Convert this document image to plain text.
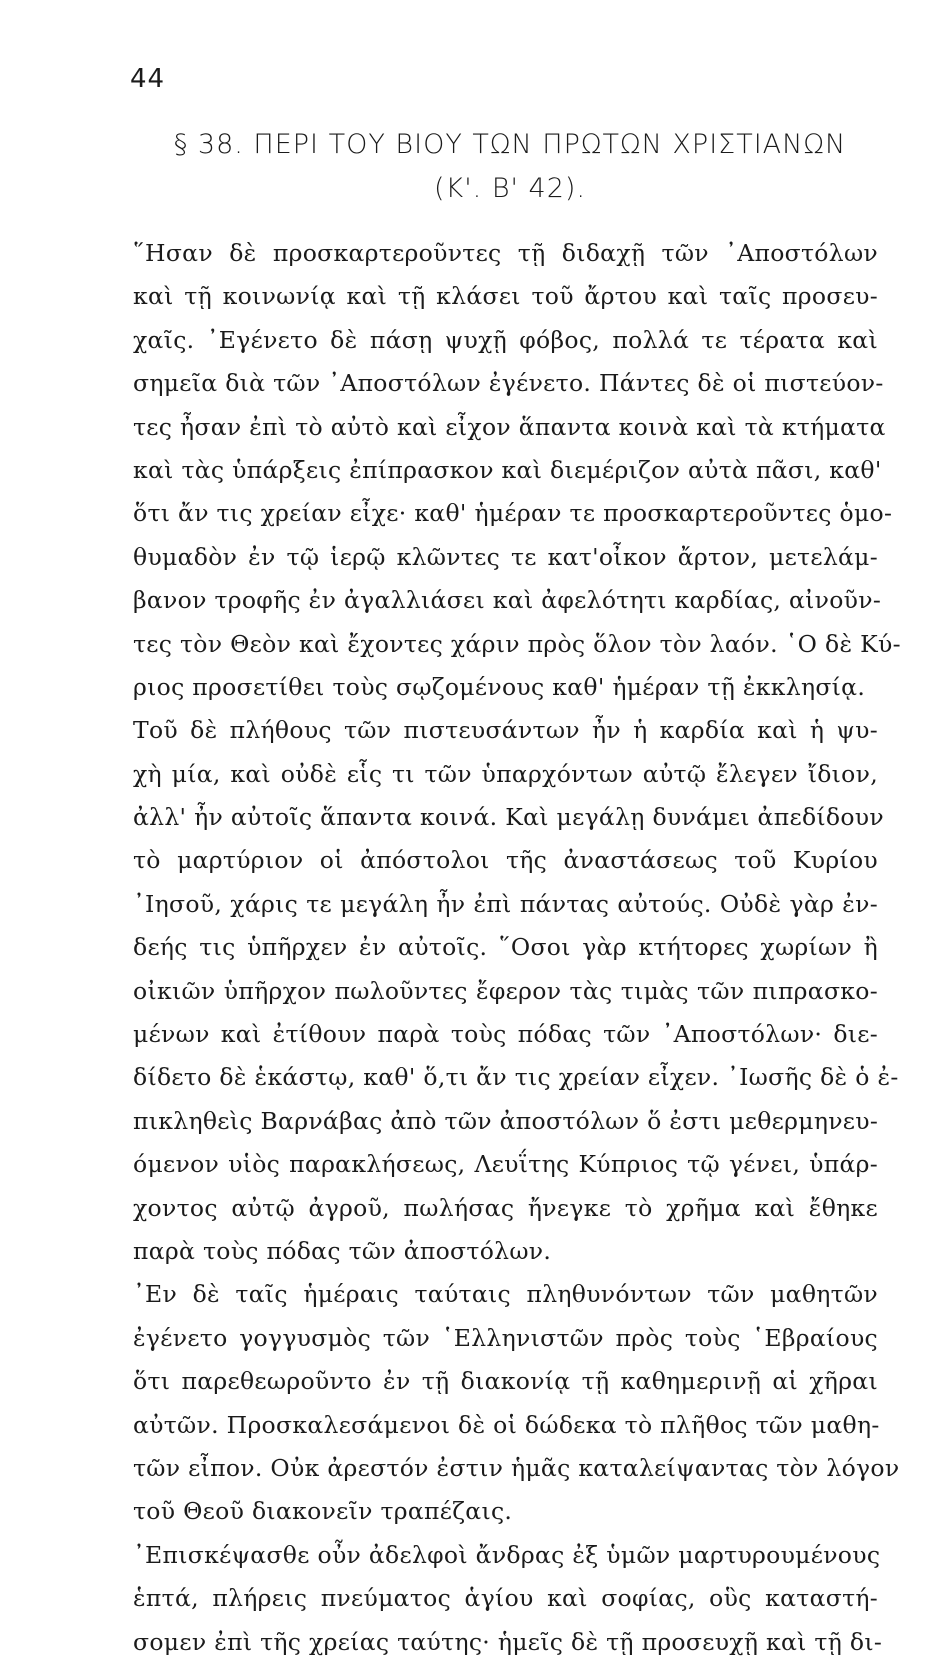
44
§ 38. ΠΕΡΙ ΤΟΥ ΒΙΟΥ ΤΩΝ ΠΡΩΤΩΝ ΧΡΙΣΤΙΑΝΩΝ
(Κ'. Β' 42).
῞Ησαν δὲ προσκαρτεροῦντες τῇ διδαχῇ τῶν ᾿Αποστόλων
καὶ τῇ κοινωνίᾳ καὶ τῇ κλάσει τοῦ ἄρτου καὶ ταῖς προσευ-
χαῖς. ᾿Εγένετο δὲ πάσῃ ψυχῇ φόβος, πολλά τε τέρατα καὶ
σημεῖα διὰ τῶν ᾿Αποστόλων ἐγένετο. Πάντες δὲ οἱ πιστεύον-
τες ἦσαν ἐπὶ τὸ αὐτὸ καὶ εἶχον ἅπαντα κοινὰ καὶ τὰ κτήματα
καὶ τὰς ὑπάρξεις ἐπίπρασκον καὶ διεμέριζον αὐτὰ πᾶσι, καθ'
ὅτι ἄν τις χρείαν εἶχε· καθ' ἡμέραν τε προσκαρτεροῦντες ὁμο-
θυμαδὸν ἐν τῷ ἱερῷ κλῶντες τε κατ'οἶκον ἄρτον, μετελάμ-
βανον τροφῆς ἐν ἀγαλλιάσει καὶ ἀφελότητι καρδίας, αἰνοῦν-
τες τὸν Θεὸν καὶ ἔχοντες χάριν πρὸς ὅλον τὸν λαόν. ῾Ο δὲ Κύ-
ριος προσετίθει τοὺς σῳζομένους καθ' ἡμέραν τῇ ἐκκλησίᾳ.
Τοῦ δὲ πλήθους τῶν πιστευσάντων ἦν ἡ καρδία καὶ ἡ ψυ-
χὴ μία, καὶ οὐδὲ εἷς τι τῶν ὑπαρχόντων αὐτῷ ἔλεγεν ἴδιον,
ἀλλ' ἦν αὐτοῖς ἅπαντα κοινά. Καὶ μεγάλῃ δυνάμει ἀπεδίδουν
τὸ μαρτύριον οἱ ἀπόστολοι τῆς ἀναστάσεως τοῦ Κυρίου
᾿Ιησοῦ, χάρις τε μεγάλη ἦν ἐπὶ πάντας αὐτούς. Οὐδὲ γὰρ ἐν-
δεής τις ὑπῆρχεν ἐν αὐτοῖς. ῞Οσοι γὰρ κτήτορες χωρίων ἢ
οἰκιῶν ὑπῆρχον πωλοῦντες ἔφερον τὰς τιμὰς τῶν πιπρασκο-
μένων καὶ ἐτίθουν παρὰ τοὺς πόδας τῶν ᾿Αποστόλων· διε-
δίδετο δὲ ἑκάστῳ, καθ' ὅ,τι ἄν τις χρείαν εἶχεν. ᾿Ιωσῆς δὲ ὁ ἐ-
πικληθεὶς Βαρνάβας ἀπὸ τῶν ἀποστόλων ὅ ἐστι μεθερμηνευ-
όμενον υἱὸς παρακλήσεως, Λευΐτης Κύπριος τῷ γένει, ὑπάρ-
χοντος αὐτῷ ἀγροῦ, πωλήσας ἤνεγκε τὸ χρῆμα καὶ ἔθηκε
παρὰ τοὺς πόδας τῶν ἀποστόλων.
᾿Εν δὲ ταῖς ἡμέραις ταύταις πληθυνόντων τῶν μαθητῶν
ἐγένετο γογγυσμὸς τῶν ῾Ελληνιστῶν πρὸς τοὺς ῾Εβραίους
ὅτι παρεθεωροῦντο ἐν τῇ διακονίᾳ τῇ καθημερινῇ αἱ χῆραι
αὐτῶν. Προσκαλεσάμενοι δὲ οἱ δώδεκα τὸ πλῆθος τῶν μαθη-
τῶν εἶπον. Οὐκ ἀρεστόν ἐστιν ἡμᾶς καταλείψαντας τὸν λόγον
τοῦ Θεοῦ διακονεῖν τραπέζαις.
᾿Επισκέψασθε οὖν ἀδελφοὶ ἄνδρας ἐξ ὑμῶν μαρτυρουμένους
ἑπτά, πλήρεις πνεύματος ἁγίου καὶ σοφίας, οὓς καταστή-
σομεν ἐπὶ τῆς χρείας ταύτης· ἡμεῖς δὲ τῇ προσευχῇ καὶ τῇ δι-
